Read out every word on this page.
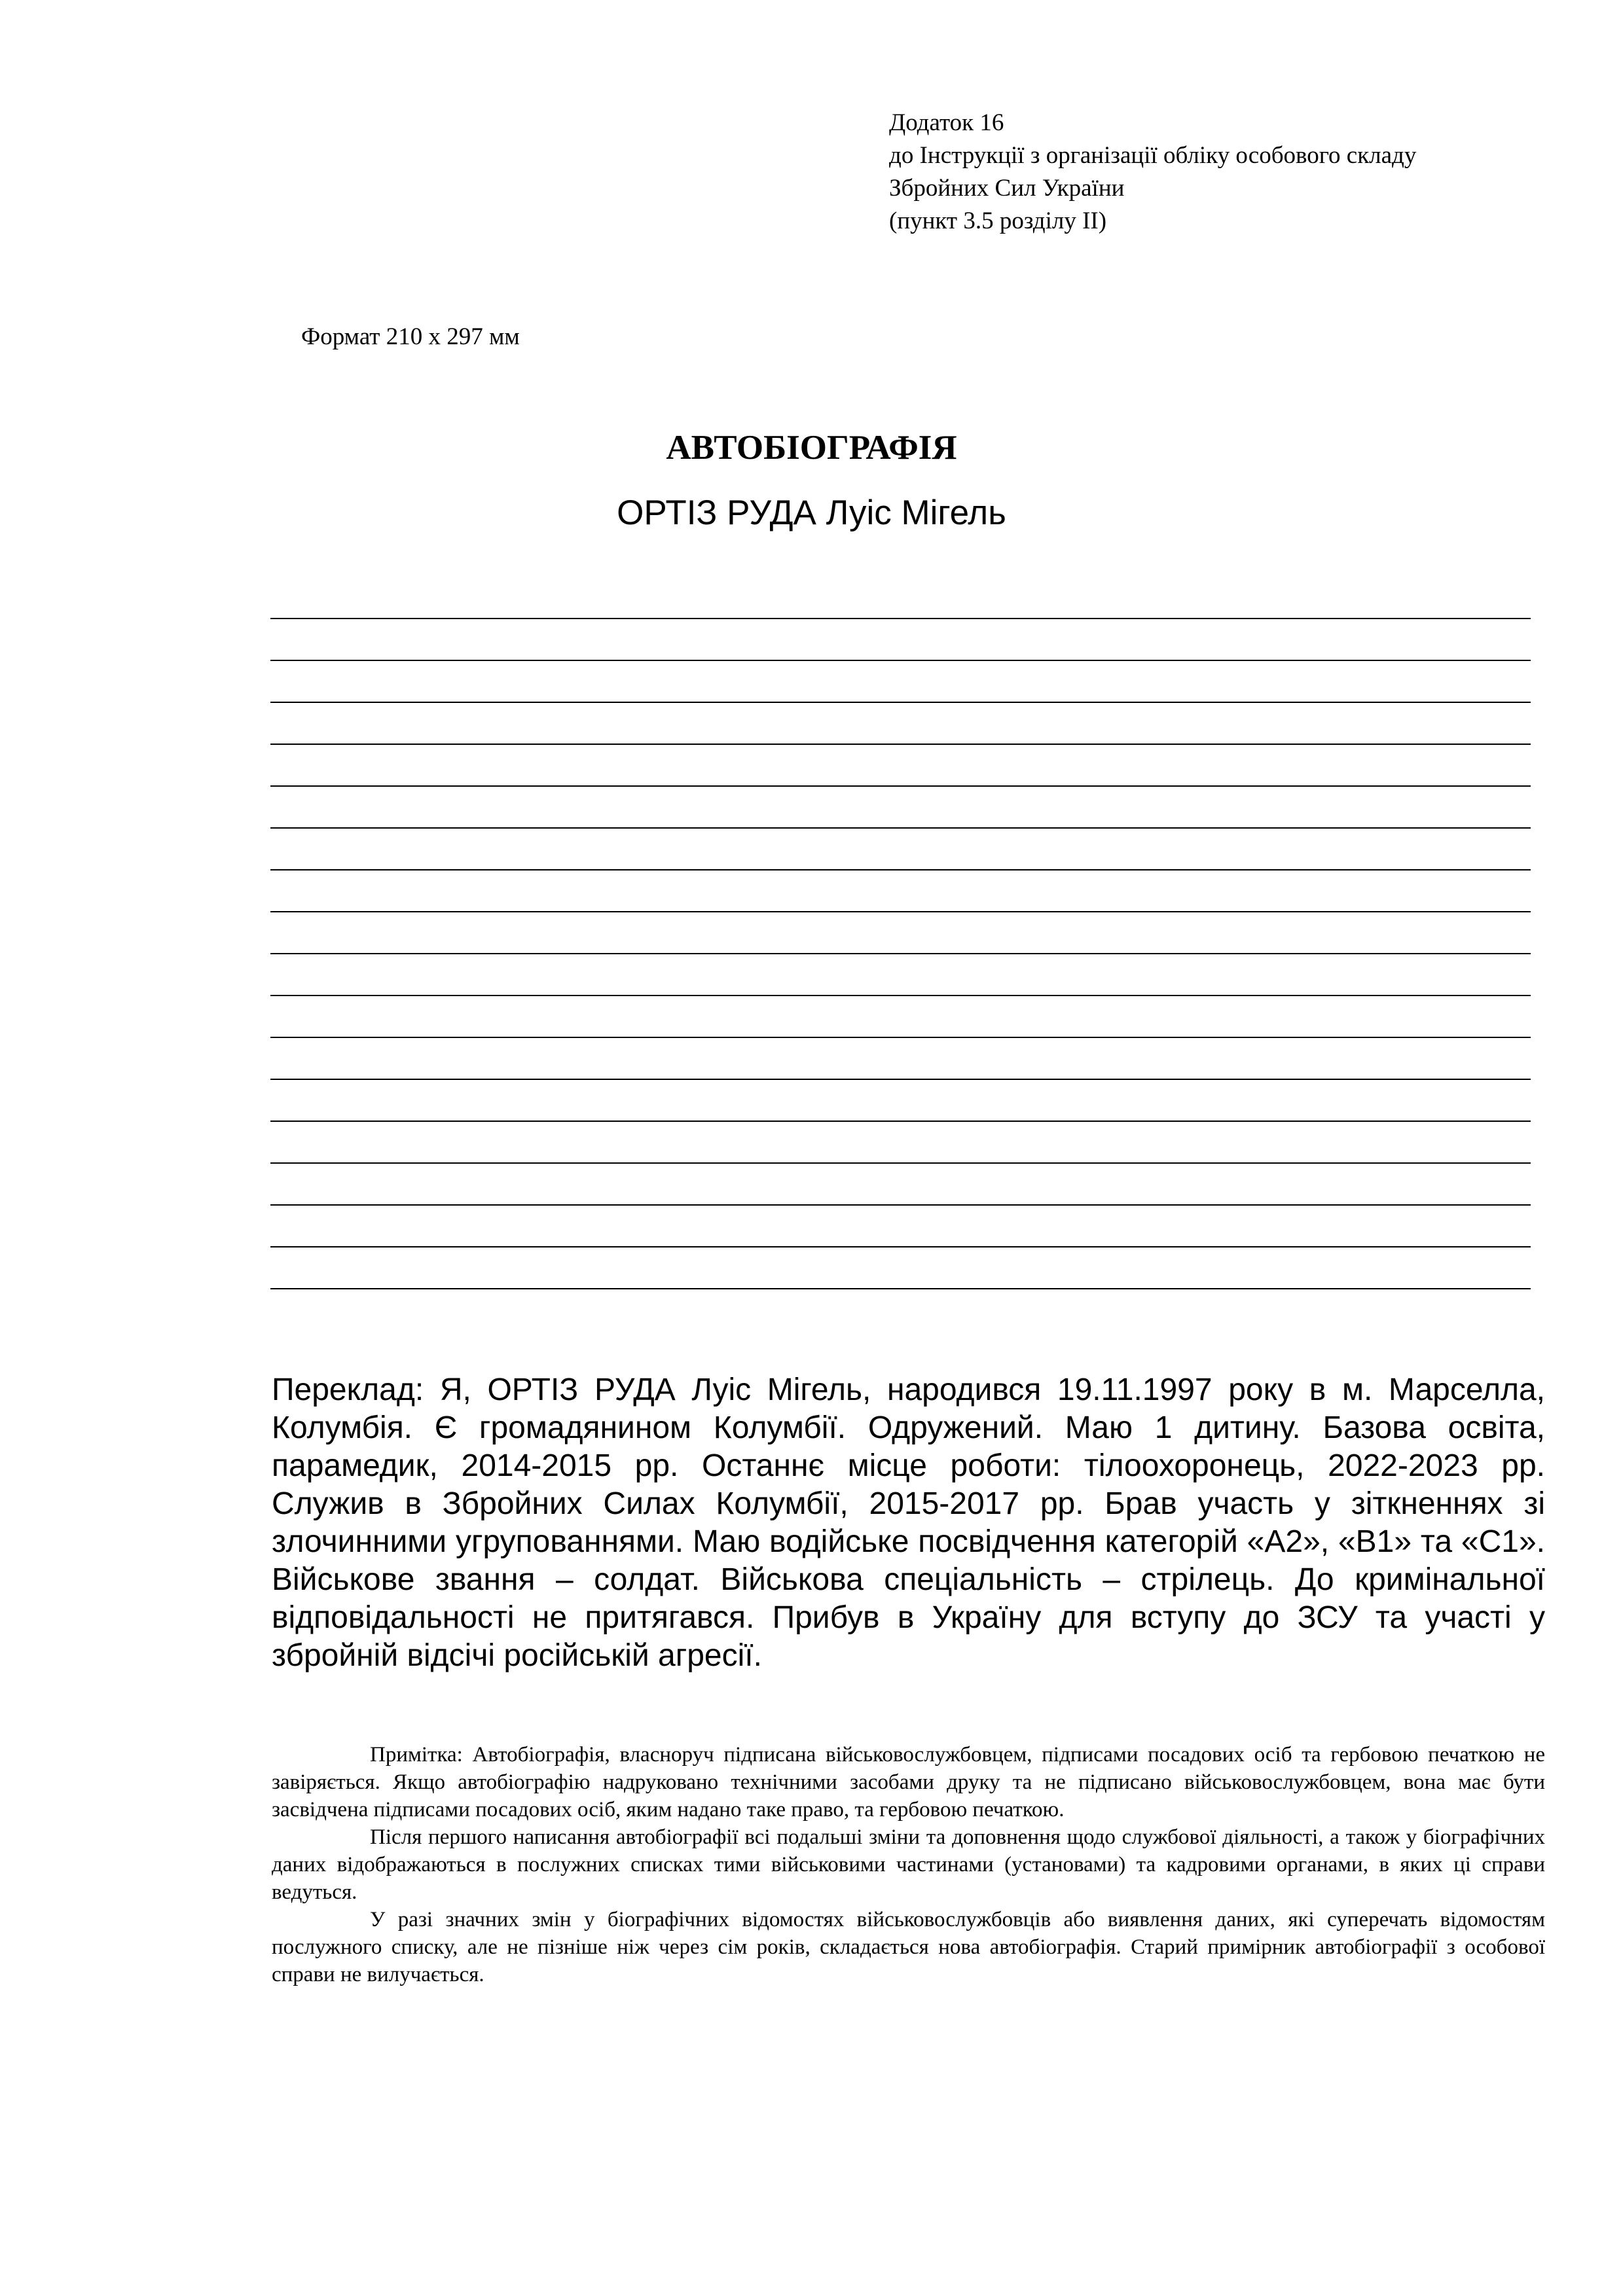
Додаток 16
до Інструкції з організації обліку особового складу
Збройних Сил України
(пункт 3.5 розділу ІІ)
Формат 210 x 297 мм
АВТОБІОГРАФІЯ
ОРТІЗ РУДА Луіс Мігель

Переклад: Я, ОРТІЗ РУДА Луіс Мігель, народився 19.11.1997 року в м. Марселла, Колумбія. Є громадянином Колумбії. Одружений. Маю 1 дитину. Базова освіта, парамедик, 2014-2015 рр. Останнє місце роботи: тілоохоронець, 2022-2023 рр. Служив в Збройних Силах Колумбії, 2015-2017 рр. Брав участь у зіткненнях зі злочинними угрупованнями. Маю водійське посвідчення категорій «А2», «В1» та «С1». Військове звання – солдат. Військова спеціальність – стрілець. До кримінальної відповідальності не притягався. Прибув в Україну для вступу до ЗСУ та участі у збройній відсічі російській агресії.

Примітка: Автобіографія, власноруч підписана військовослужбовцем, підписами посадових осіб та гербовою печаткою не завіряється. Якщо автобіографію надруковано технічними засобами друку та не підписано військовослужбовцем, вона має бути засвідчена підписами посадових осіб, яким надано таке право, та гербовою печаткою.

Після першого написання автобіографії всі подальші зміни та доповнення щодо службової діяльності, а також у біографічних даних відображаються в послужних списках тими військовими частинами (установами) та кадровими органами, в яких ці справи ведуться.

У разі значних змін у біографічних відомостях військовослужбовців або виявлення даних, які суперечать відомостям послужного списку, але не пізніше ніж через сім років, складається нова автобіографія. Старий примірник автобіографії з особової справи не вилучається.
